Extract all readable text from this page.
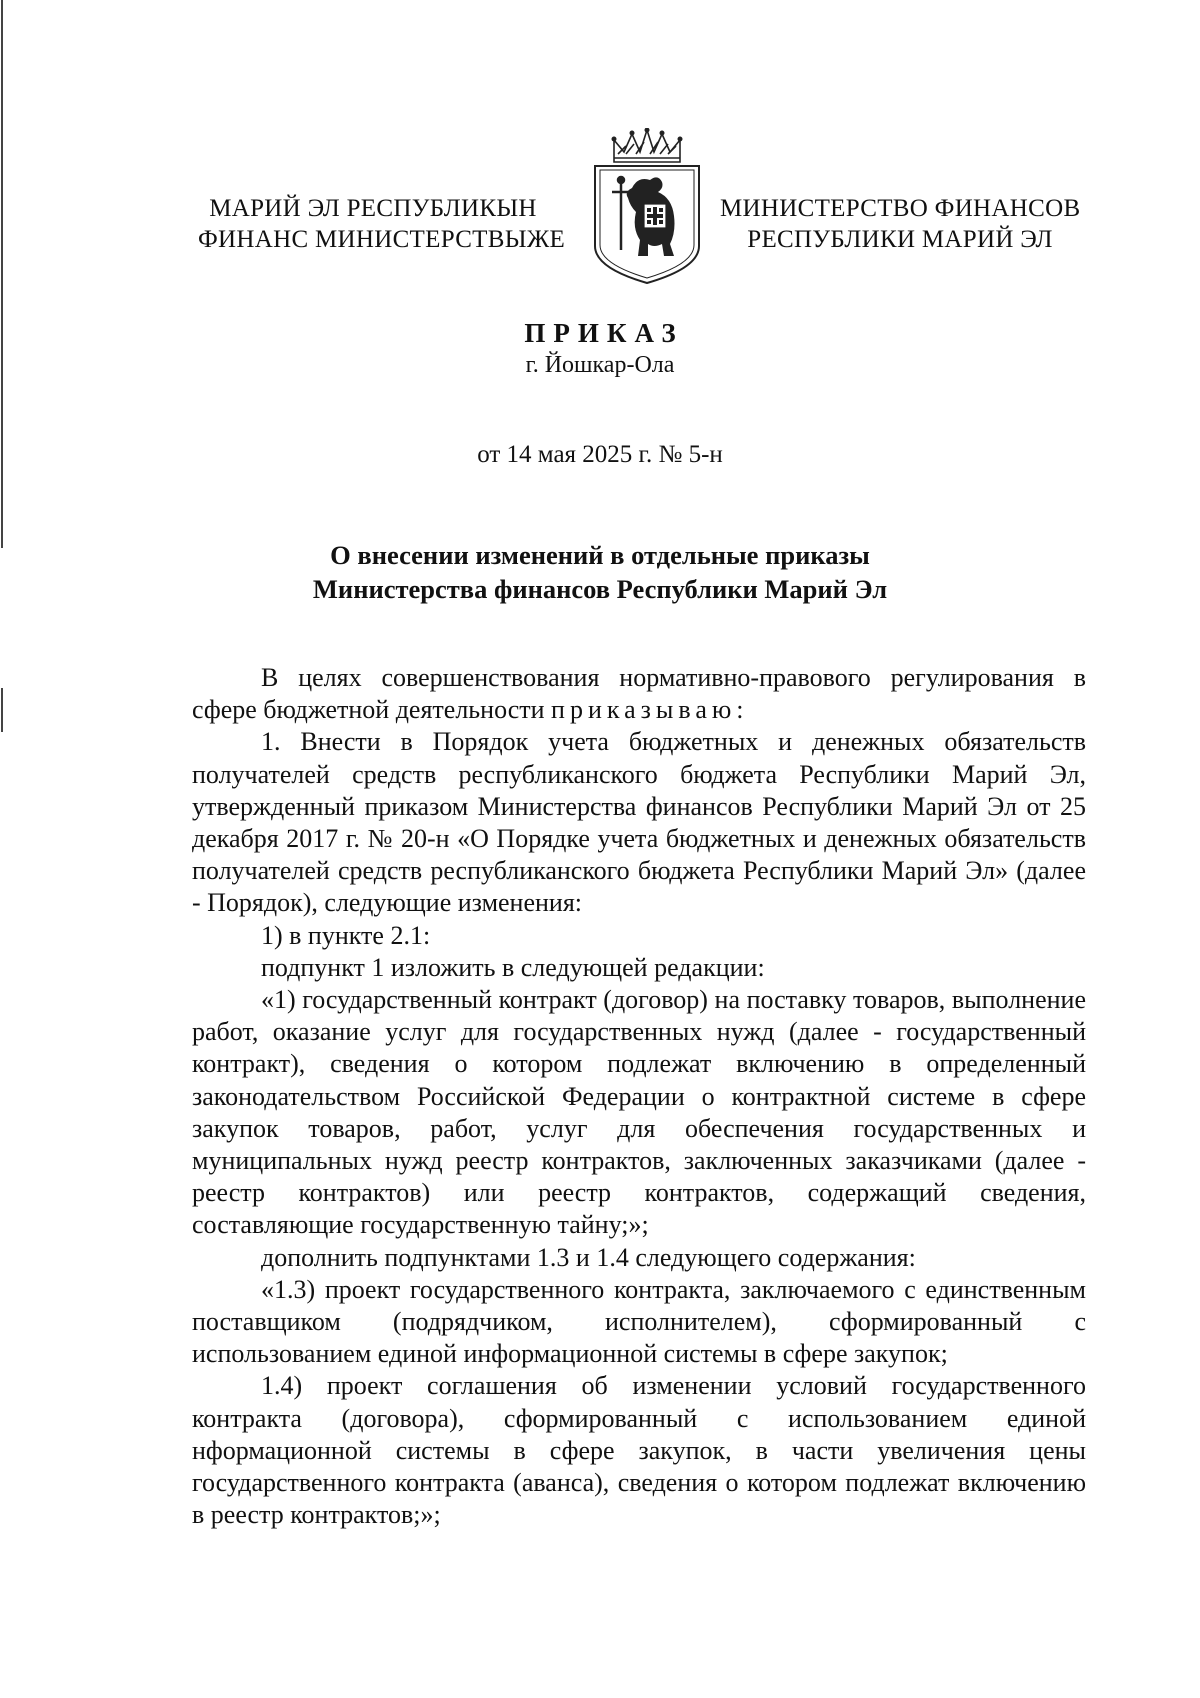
МАРИЙ ЭЛ РЕСПУБЛИКЫН
ФИНАНС МИНИСТЕРСТВЫЖЕ
МИНИСТЕРСТВО ФИНАНСОВ
РЕСПУБЛИКИ МАРИЙ ЭЛ
ПРИКАЗ
г. Йошкар-Ола
от 14 мая 2025 г. № 5-н
О внесении изменений в отдельные приказы
Министерства финансов Республики Марий Эл

В целях совершенствования нормативно-правового регулирования в сфере бюджетной деятельности приказываю:

1. Внести в Порядок учета бюджетных и денежных обязательств получателей средств республиканского бюджета Республики Марий Эл, утвержденный приказом Министерства финансов Республики Марий Эл от 25 декабря 2017 г. № 20-н «О Порядке учета бюджетных и денежных обязательств получателей средств республиканского бюджета Республики Марий Эл» (далее - Порядок), следующие изменения:

1) в пункте 2.1:

подпункт 1 изложить в следующей редакции:

«1) государственный контракт (договор) на поставку товаров, выполнение работ, оказание услуг для государственных нужд (далее - государственный контракт), сведения о котором подлежат включению в определенный законодательством Российской Федерации о контрактной системе в сфере закупок товаров, работ, услуг для обеспечения государственных и муниципальных нужд реестр контрактов, заключенных заказчиками (далее - реестр контрактов) или реестр контрактов, содержащий сведения, составляющие государственную тайну;»;

дополнить подпунктами 1.3 и 1.4 следующего содержания:

«1.3) проект государственного контракта, заключаемого с единственным поставщиком (подрядчиком, исполнителем), сформированный с использованием единой информационной системы в сфере закупок;

1.4) проект соглашения об изменении условий государственного контракта (договора), сформированный с использованием единой нформационной системы в сфере закупок, в части увеличения цены государственного контракта (аванса), сведения о котором подлежат включению в реестр контрактов;»;
